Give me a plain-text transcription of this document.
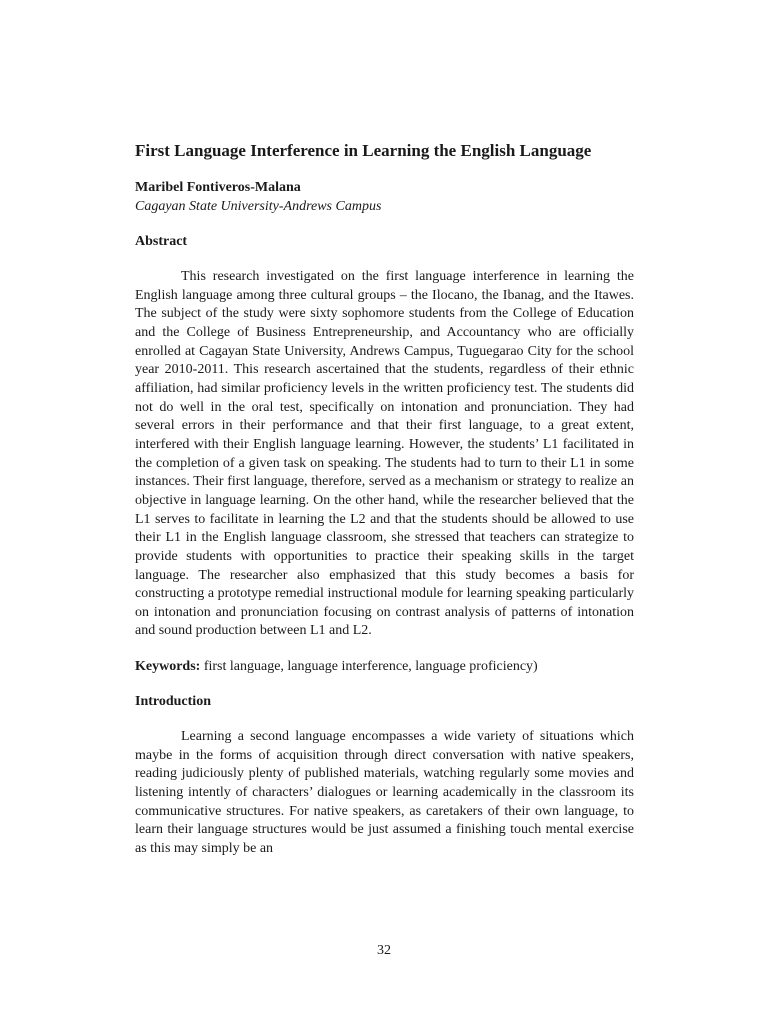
First Language Interference in Learning the English Language
Maribel Fontiveros-Malana
Cagayan State University-Andrews Campus
Abstract

This research investigated on the first language interference in learning the English language among three cultural groups – the Ilocano, the Ibanag, and the Itawes. The subject of the study were sixty sophomore students from the College of Education and the College of Business Entrepreneurship, and Accountancy who are officially enrolled at Cagayan State University, Andrews Campus, Tuguegarao City for the school year 2010-2011. This research ascertained that the students, regardless of their ethnic affiliation, had similar proficiency levels in the written proficiency test. The students did not do well in the oral test, specifically on intonation and pronunciation. They had several errors in their performance and that their first language, to a great extent, interfered with their English language learning. However, the students’ L1 facilitated in the completion of a given task on speaking. The students had to turn to their L1 in some instances. Their first language, therefore, served as a mechanism or strategy to realize an objective in language learning. On the other hand, while the researcher believed that the L1 serves to facilitate in learning the L2 and that the students should be allowed to use their L1 in the English language classroom, she stressed that teachers can strategize to provide students with opportunities to practice their speaking skills in the target language. The researcher also emphasized that this study becomes a basis for constructing a prototype remedial instructional module for learning speaking particularly on intonation and pronunciation focusing on contrast analysis of patterns of intonation and sound production between L1 and L2.

Keywords: first language, language interference, language proficiency)

Introduction

Learning a second language encompasses a wide variety of situations which maybe in the forms of acquisition through direct conversation with native speakers, reading judiciously plenty of published materials, watching regularly some movies and listening intently of characters’ dialogues or learning academically in the classroom its communicative structures. For native speakers, as caretakers of their own language, to learn their language structures would be just assumed a finishing touch mental exercise as this may simply be an

32
